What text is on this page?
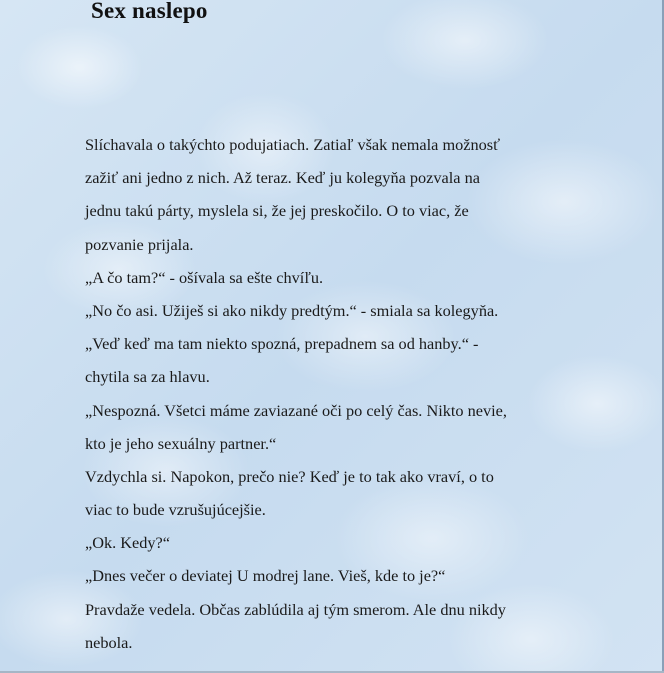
Sex naslepo
Slíchavala o takýchto podujatiach. Zatiaľ však nemala možnosť
zažiť ani jedno z nich. Až teraz. Keď ju kolegyňa pozvala na
jednu takú párty, myslela si, že jej preskočilo. O to viac, že
pozvanie prijala.
„A čo tam?“ - ošívala sa ešte chvíľu.
„No čo asi. Užiješ si ako nikdy predtým.“ - smiala sa kolegyňa.
„Veď keď ma tam niekto spozná, prepadnem sa od hanby.“ -
chytila sa za hlavu.
„Nespozná. Všetci máme zaviazané oči po celý čas. Nikto nevie,
kto je jeho sexuálny partner.“
Vzdychla si. Napokon, prečo nie? Keď je to tak ako vraví, o to
viac to bude vzrušujúcejšie.
„Ok. Kedy?“
„Dnes večer o deviatej U modrej lane. Vieš, kde to je?“
Pravdaže vedela. Občas zablúdila aj tým smerom. Ale dnu nikdy
nebola.
